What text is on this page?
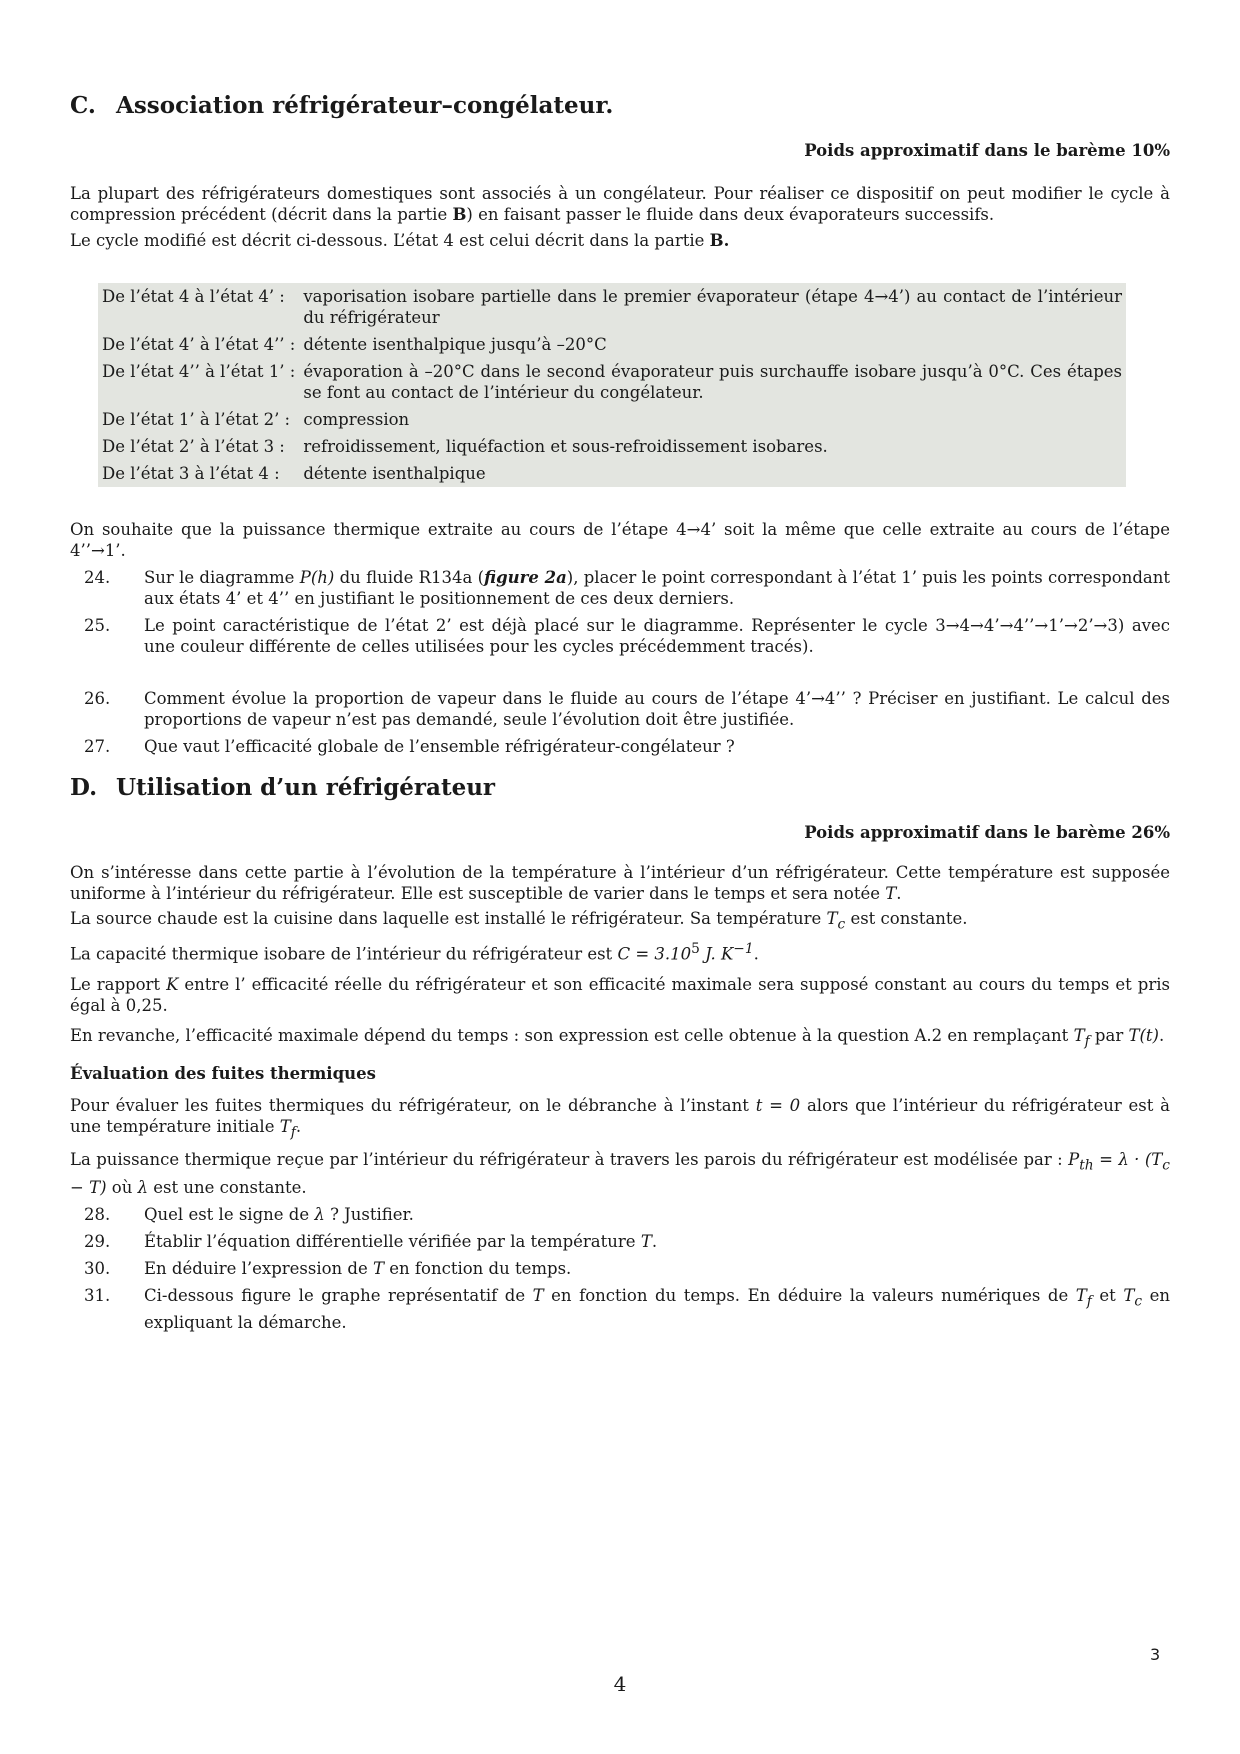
C. Association réfrigérateur–congélateur.
Poids approximatif dans le barème 10%

La plupart des réfrigérateurs domestiques sont associés à un congélateur. Pour réaliser ce dispositif on peut modifier le cycle à compression précédent (décrit dans la partie B) en faisant passer le fluide dans deux évaporateurs successifs.

Le cycle modifié est décrit ci-dessous. L’état 4 est celui décrit dans la partie B.

De l’état 4 à l’état 4’ :	vaporisation isobare partielle dans le premier évaporateur (étape 4→4’) au contact de l’intérieur du réfrigérateur
De l’état 4’ à l’état 4’’ :	détente isenthalpique jusqu’à –20°C
De l’état 4’’ à l’état 1’ :	évaporation à –20°C dans le second évaporateur puis surchauffe isobare jusqu’à 0°C. Ces étapes se font au contact de l’intérieur du congélateur.
De l’état 1’ à l’état 2’ :	compression
De l’état 2’ à l’état 3 :	refroidissement, liquéfaction et sous-refroidissement isobares.
De l’état 3 à l’état 4 :	détente isenthalpique

On souhaite que la puissance thermique extraite au cours de l’étape 4→4’ soit la même que celle extraite au cours de l’étape 4’’→1’.

24.	Sur le diagramme P(h) du fluide R134a (figure 2a), placer le point correspondant à l’état 1’ puis les points correspondant aux états 4’ et 4’’ en justifiant le positionnement de ces deux derniers.
25.	Le point caractéristique de l’état 2’ est déjà placé sur le diagramme. Représenter le cycle 3→4→4’→4’’→1’→2’→3) avec une couleur différente de celles utilisées pour les cycles précédemment tracés).
26.	Comment évolue la proportion de vapeur dans le fluide au cours de l’étape 4’→4’’ ? Préciser en justifiant. Le calcul des proportions de vapeur n’est pas demandé, seule l’évolution doit être justifiée.
27.	Que vaut l’efficacité globale de l’ensemble réfrigérateur-congélateur ?
D. Utilisation d’un réfrigérateur
Poids approximatif dans le barème 26%

On s’intéresse dans cette partie à l’évolution de la température à l’intérieur d’un réfrigérateur. Cette température est supposée uniforme à l’intérieur du réfrigérateur. Elle est susceptible de varier dans le temps et sera notée T.

La source chaude est la cuisine dans laquelle est installé le réfrigérateur. Sa température $T_c$ est constante.

La capacité thermique isobare de l’intérieur du réfrigérateur est $C = 3.10^5$ J. $K^{-1}$.

Le rapport K entre l’ efficacité réelle du réfrigérateur et son efficacité maximale sera supposé constant au cours du temps et pris égal à 0,25.

En revanche, l’efficacité maximale dépend du temps : son expression est celle obtenue à la question A.2 en remplaçant $T_f$ par T(t).

Évaluation des fuites thermiques

Pour évaluer les fuites thermiques du réfrigérateur, on le débranche à l’instant t = 0 alors que l’intérieur du réfrigérateur est à une température initiale $T_f$.

La puissance thermique reçue par l’intérieur du réfrigérateur à travers les parois du réfrigérateur est modélisée par : $P_{th} = \lambda \cdot (T_c - T)$ où λ est une constante.

28.	Quel est le signe de λ ? Justifier.
29.	Établir l’équation différentielle vérifiée par la température T.
30.	En déduire l’expression de T en fonction du temps.
31.	Ci-dessous figure le graphe représentatif de T en fonction du temps. En déduire la valeurs numériques de $T_f$ et $T_c$ en expliquant la démarche.
4
3
